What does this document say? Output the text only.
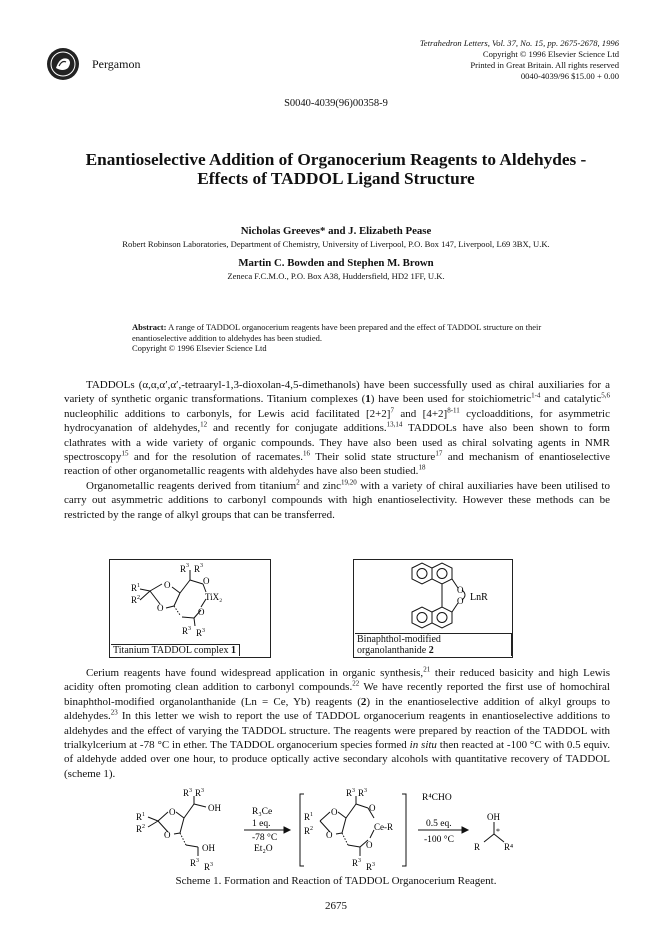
Pergamon
Tetrahedron Letters, Vol. 37, No. 15, pp. 2675-2678, 1996
Copyright © 1996 Elsevier Science Ltd
Printed in Great Britain. All rights reserved
0040-4039/96 $15.00 + 0.00
S0040-4039(96)00358-9
Enantioselective Addition of Organocerium Reagents to Aldehydes -
Effects of TADDOL Ligand Structure
Nicholas Greeves* and J. Elizabeth Pease
Robert Robinson Laboratories, Department of Chemistry, University of Liverpool, P.O. Box 147, Liverpool, L69 3BX, U.K.
Martin C. Bowden and Stephen M. Brown
Zeneca F.C.M.O., P.O. Box A38, Huddersfield, HD2 1FF, U.K.
Abstract: A range of TADDOL organocerium reagents have been prepared and the effect of TADDOL structure on their enantioselective addition to aldehydes has been studied.
Copyright © 1996 Elsevier Science Ltd

TADDOLs (α,α,α′,α′,-tetraaryl-1,3-dioxolan-4,5-dimethanols) have been successfully used as chiral auxiliaries for a variety of synthetic organic transformations. Titanium complexes (1) have been used for stoichiometric$^{1-4}$ and catalytic$^{5,6}$ nucleophilic additions to carbonyls, for Lewis acid facilitated $[2+2]^7$ and $[4+2]^{8-11}$ cycloadditions, for asymmetric hydrocyanation of aldehydes,$^{12}$ and recently for conjugate additions.$^{13,14}$ TADDOLs have also been shown to form clathrates with a wide variety of organic compounds. They have also been used as chiral solvating agents in NMR spectroscopy$^{15}$ and for the resolution of racemates.$^{16}$ Their solid state structure$^{17}$ and mechanism of enantioselective reaction of other organometallic reagents with aldehydes have also been studied.$^{18}$

Organometallic reagents derived from titanium$^2$ and zinc$^{19,20}$ with a variety of chiral auxiliaries have been utilised to carry out asymmetric additions to carbonyl compounds with high enantioselectivity. However these methods can be restricted by the range of alkyl groups that can be transferred.

R 3 R 3
R 1
R 2
O
O
O
O
TiX₂
R 3 R 3
Titanium TADDOL complex 1
O
O LnR
Binaphthol-modified organolanthanide 2

Cerium reagents have found widespread application in organic synthesis,$^{21}$ their reduced basicity and high Lewis acidity often promoting clean addition to carbonyl compounds.$^{22}$ We have recently reported the first use of homochiral binaphthol-modified organolanthanide (Ln = Ce, Yb) reagents (2) in the enantioselective addition of alkyl groups to aldehydes.$^{23}$ In this letter we wish to report the use of TADDOL organocerium reagents in enantioselective additions to aldehydes and the effect of varying the TADDOL structure. The reagents were prepared by reaction of the TADDOL with trialkylcerium at -78 °C in ether. The TADDOL organocerium species formed in situ then reacted at -100 °C with 0.5 equiv. of aldehyde added over one hour, to produce optically active secondary alcohols with quantitative recovery of TADDOL (scheme 1).

R 3 R 3
R 1
R 2
O
O
OH
OH
R 3
R 3
R₃Ce
1 eq.
-78 °C
Et₂O
R 3 R 3
R 1
R 2
O
O
O
O
Ce-R
R 3
R 3
R⁴CHO
0.5 eq.
-100 °C
OH
*
R	R⁴
Scheme 1. Formation and Reaction of TADDOL Organocerium Reagent.
2675
